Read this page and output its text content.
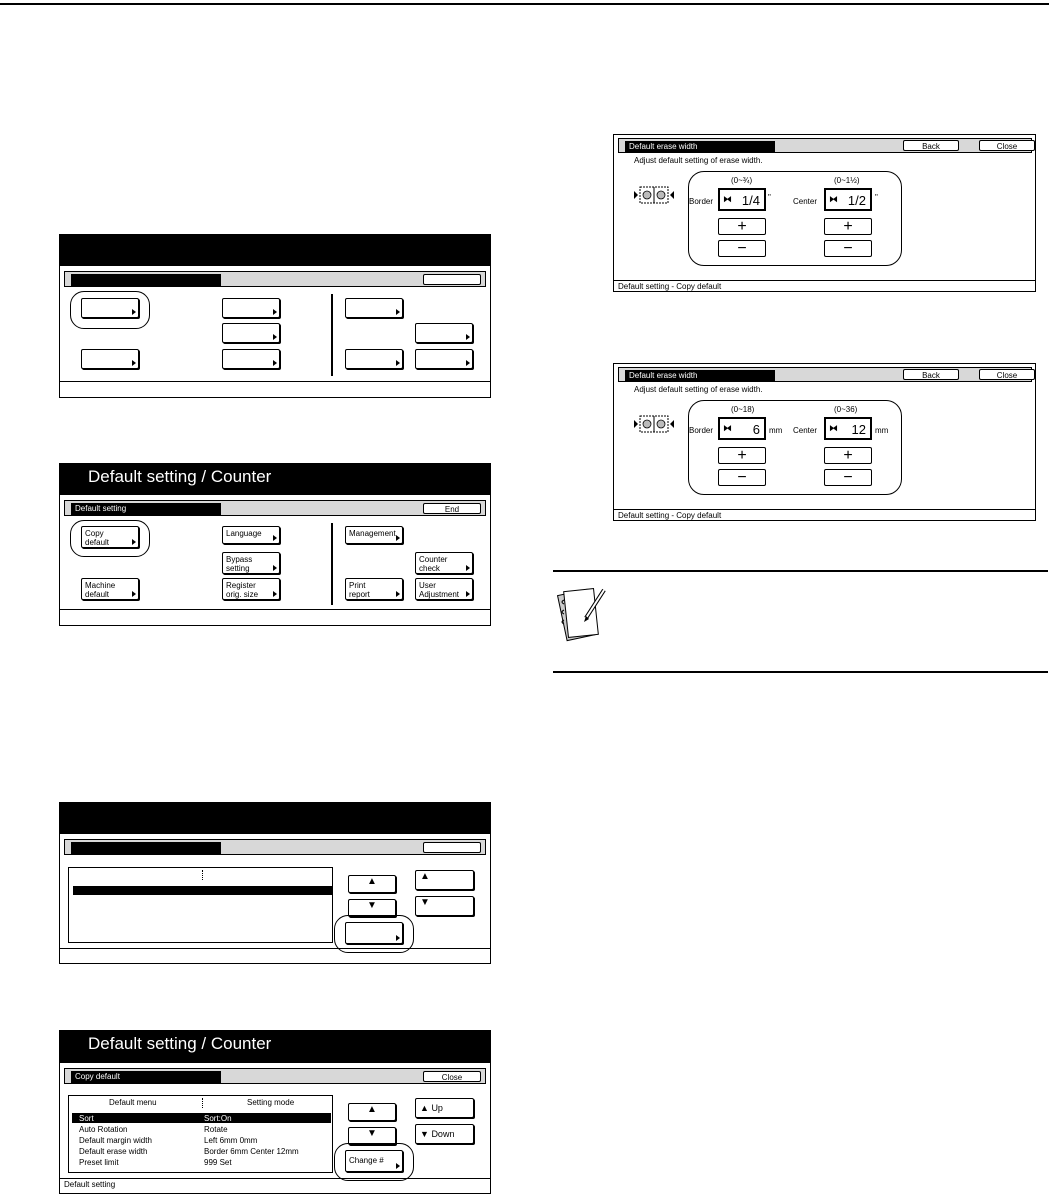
Default setting / Counter
Default setting	End
Copy
default
Language
Bypass
setting
Machine
default
Register
orig. size
Management
Counter
check
Print
report
User
Adjustment
▲
▼
▲
▼
Default setting / Counter
Copy default	Close
Default menu	Setting mode
Sort	Sort:On
Auto Rotation	Rotate
Default margin width	Left 6mm 0mm
Default erase width	Border 6mm Center 12mm
Preset limit	999 Set
▲
▼
▲ Up
▼ Down
Change #
Default setting
Default erase width	Back	Close
Adjust default setting of erase width.
(0~¾)	(0~1½)
Border ⧓ 1/4 "	Center ⧓ 1/2 "
+
−
+
−
Default setting - Copy default
Default erase width	Back	Close
Adjust default setting of erase width.
(0~18)	(0~36)
Border ⧓ 6 mm Center ⧓ 12 mm
+
−
+
−
Default setting - Copy default
